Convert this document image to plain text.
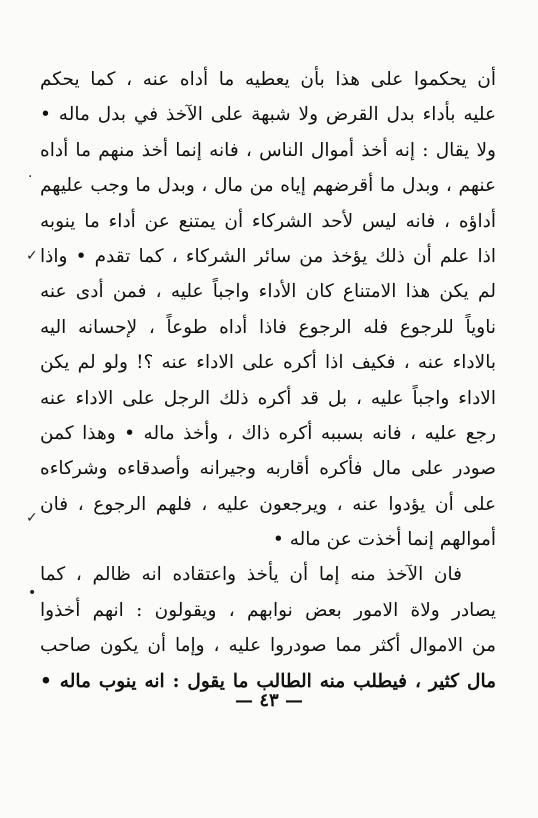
أن يحكموا على هذا بأن يعطيه ما أداه عنه ، كما يحكم
عليه بأداء بدل القرض ولا شبهة على الآخذ في بدل ماله •
ولا يقال : إنه أخذ أموال الناس ، فانه إنما أخذ منهم ما أداه
عنهم ، وبدل ما أقرضهم إياه من مال ، وبدل ما وجب عليهم
أداؤه ، فانه ليس لأحد الشركاء أن يمتنع عن أداء ما ينوبه
اذا علم أن ذلك يؤخذ من سائر الشركاء ، كما تقدم • واذا
لم يكن هذا الامتناع كان الأداء واجباً عليه ، فمن أدى عنه
ناوياً للرجوع فله الرجوع فاذا أداه طوعاً ، لإحسانه اليه
بالاداء عنه ، فكيف اذا أكره على الاداء عنه ؟! ولو لم يكن
الاداء واجباً عليه ، بل قد أكره ذلك الرجل على الاداء عنه
رجع عليه ، فانه بسببه أكره ذاك ، وأخذ ماله • وهذا كمن
صودر على مال فأكره أقاربه وجيرانه وأصدقاءه وشركاءه
على أن يؤدوا عنه ، ويرجعون عليه ، فلهم الرجوع ، فان
أموالهم إنما أخذت عن ماله •
فان الآخذ منه إما أن يأخذ واعتقاده انه ظالم ، كما
يصادر ولاة الامور بعض نوابهم ، ويقولون : انهم أخذوا
من الاموال أكثر مما صودروا عليه ، وإما أن يكون صاحب
مال كثير ، فيطلب منه الطالب ما يقول : انه ينوب ماله •
.
✓
✓
•
— ٤٣ —
